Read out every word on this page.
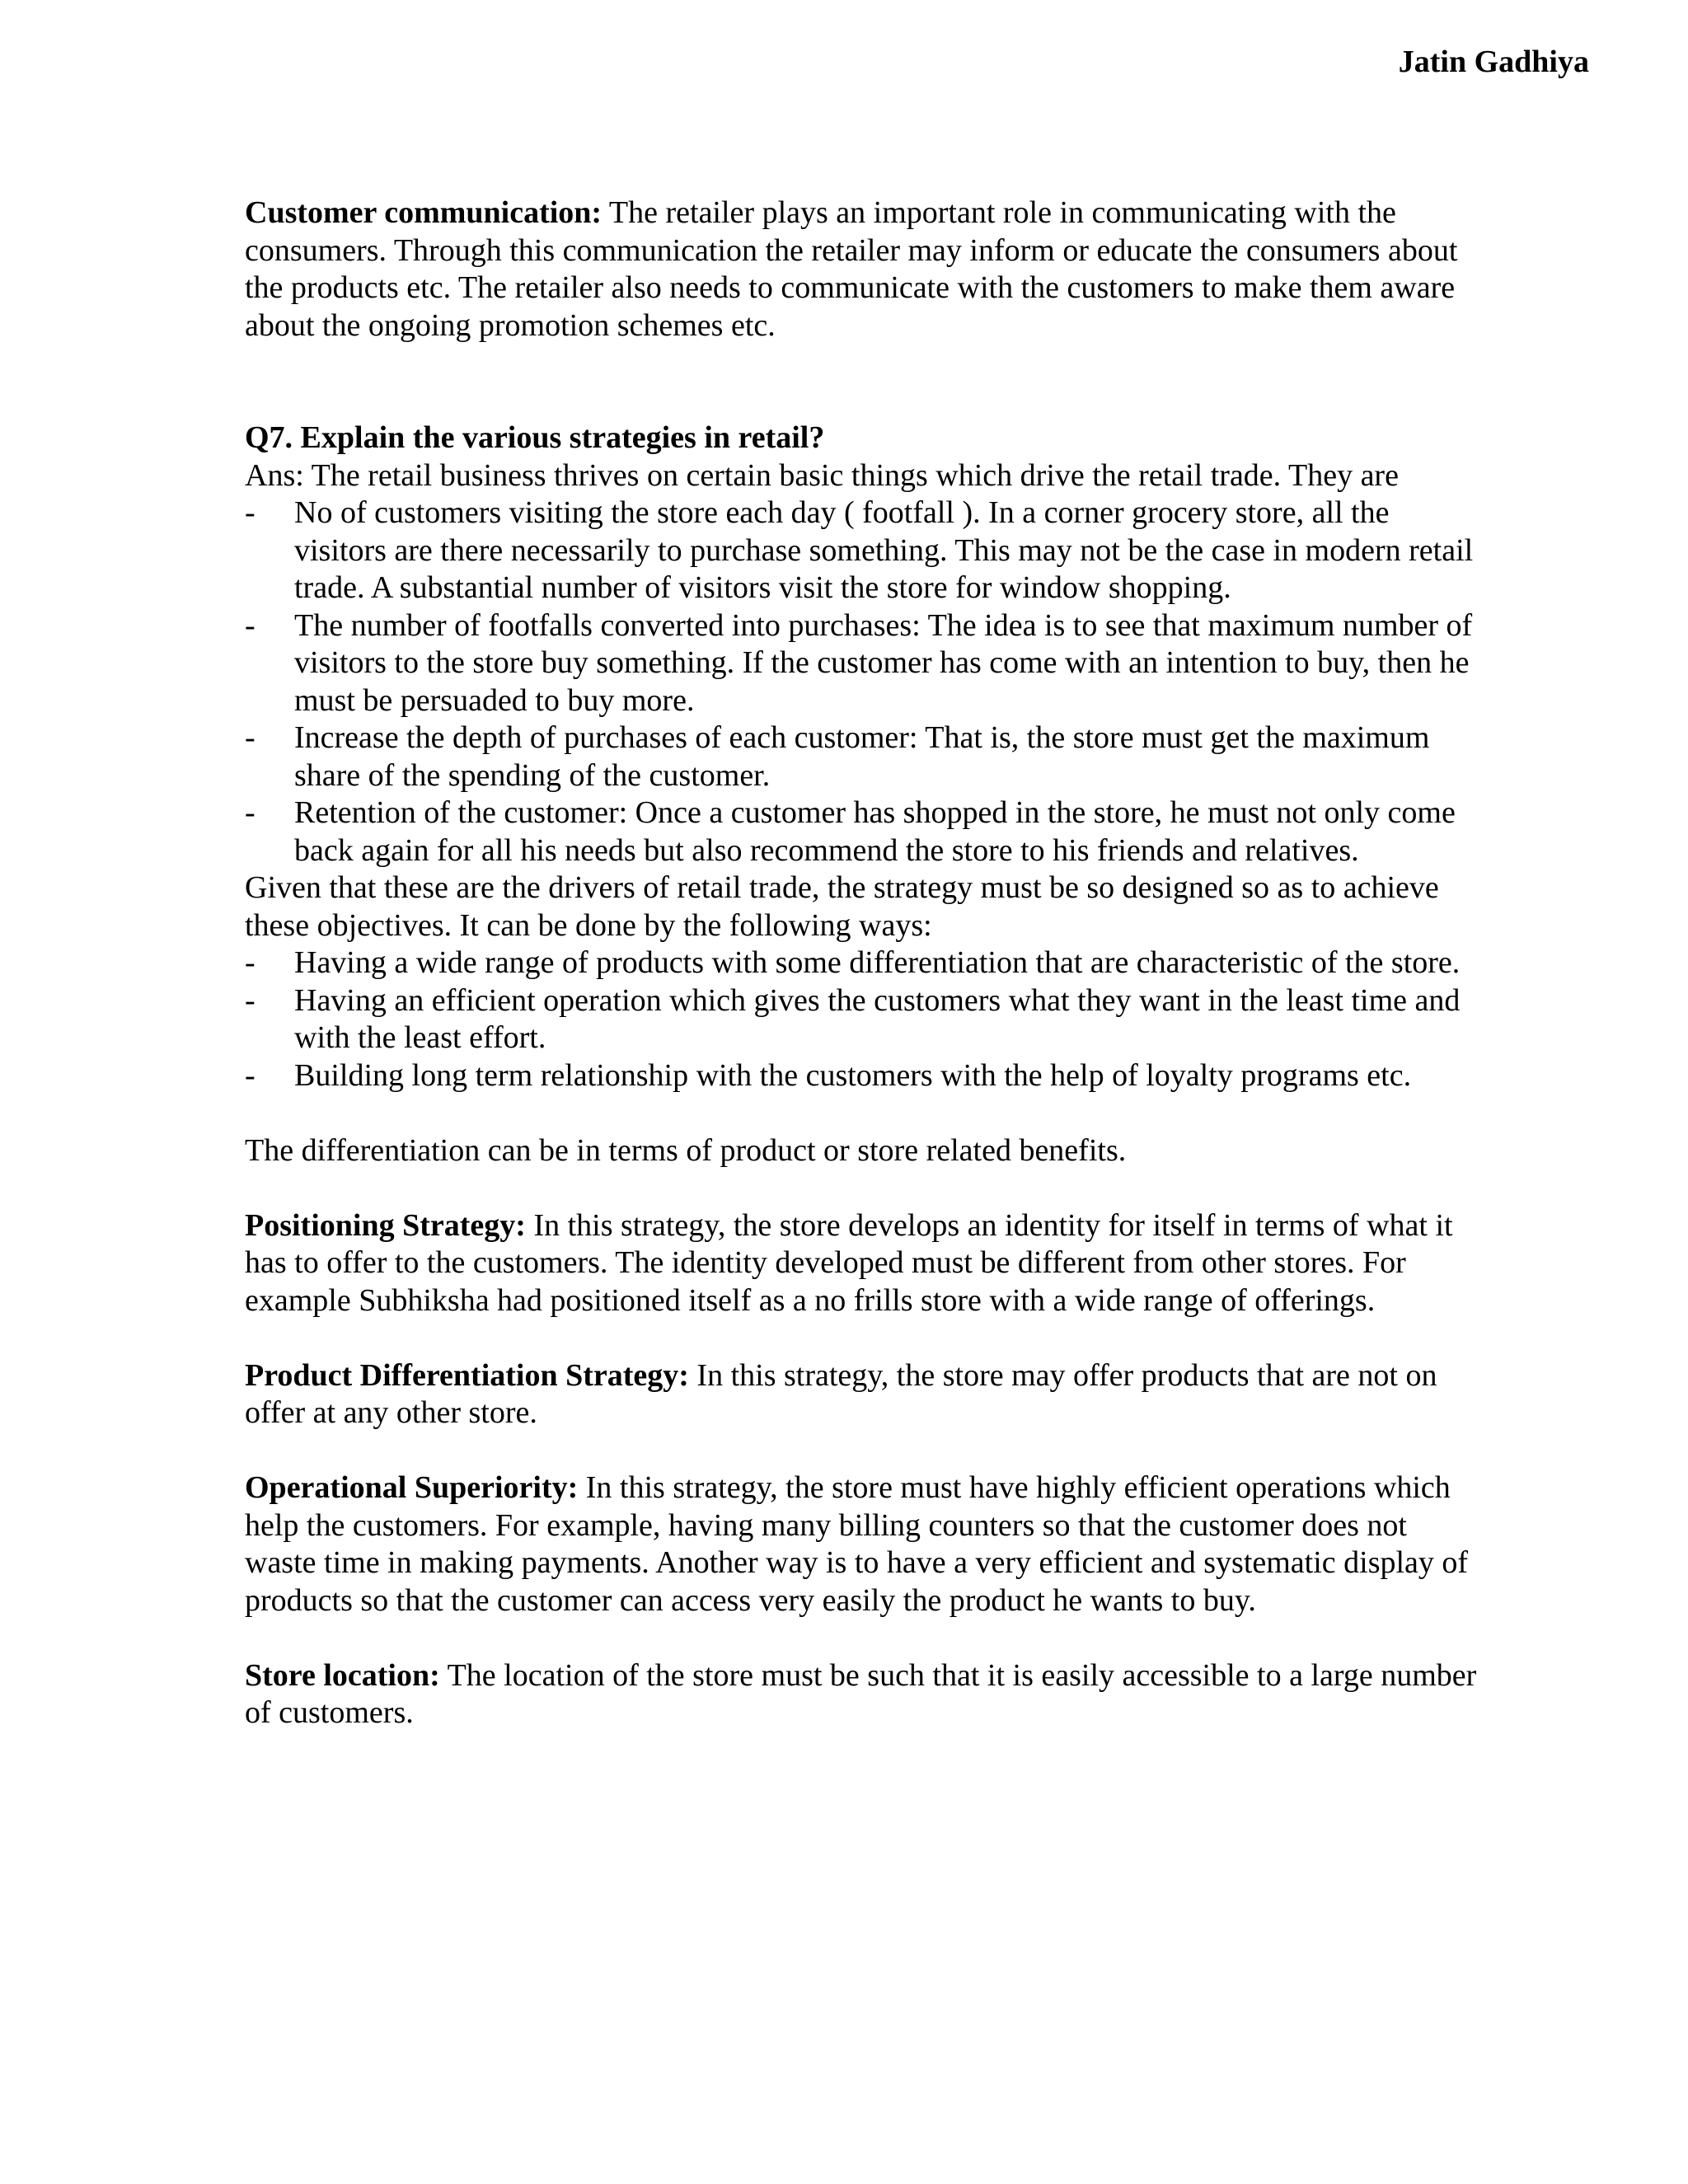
Jatin Gadhiya

Customer communication: The retailer plays an important role in communicating with the consumers. Through this communication the retailer may inform or educate the consumers about the products etc. The retailer also needs to communicate with the customers to make them aware about the ongoing promotion schemes etc.

Q7. Explain the various strategies in retail?

Ans: The retail business thrives on certain basic things which drive the retail trade. They are

- No of customers visiting the store each day ( footfall ). In a corner grocery store, all the visitors are there necessarily to purchase something. This may not be the case in modern retail trade. A substantial number of visitors visit the store for window shopping.
- The number of footfalls converted into purchases: The idea is to see that maximum number of visitors to the store buy something. If the customer has come with an intention to buy, then he must be persuaded to buy more.
- Increase the depth of purchases of each customer: That is, the store must get the maximum share of the spending of the customer.
- Retention of the customer: Once a customer has shopped in the store, he must not only come back again for all his needs but also recommend the store to his friends and relatives.

Given that these are the drivers of retail trade, the strategy must be so designed so as to achieve these objectives. It can be done by the following ways:

- Having a wide range of products with some differentiation that are characteristic of the store.
- Having an efficient operation which gives the customers what they want in the least time and with the least effort.
- Building long term relationship with the customers with the help of loyalty programs etc.

The differentiation can be in terms of product or store related benefits.

Positioning Strategy: In this strategy, the store develops an identity for itself in terms of what it has to offer to the customers. The identity developed must be different from other stores. For example Subhiksha had positioned itself as a no frills store with a wide range of offerings.

Product Differentiation Strategy: In this strategy, the store may offer products that are not on offer at any other store.

Operational Superiority: In this strategy, the store must have highly efficient operations which help the customers. For example, having many billing counters so that the customer does not waste time in making payments. Another way is to have a very efficient and systematic display of products so that the customer can access very easily the product he wants to buy.

Store location: The location of the store must be such that it is easily accessible to a large number of customers.
